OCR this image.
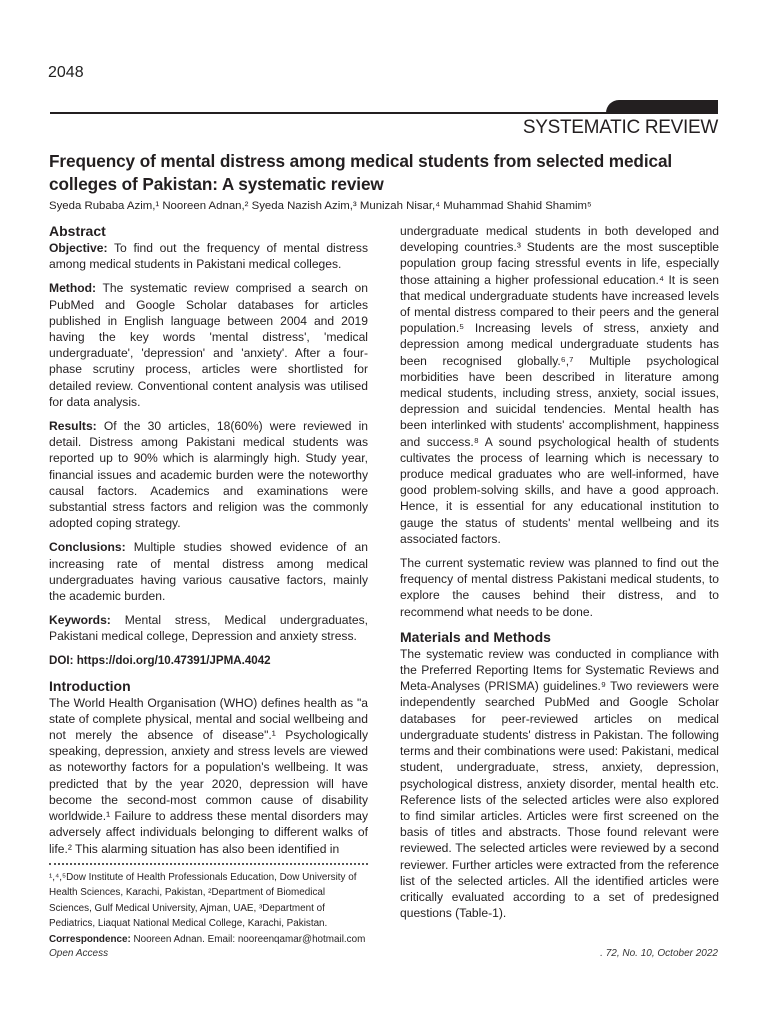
2048
SYSTEMATIC REVIEW
Frequency of mental distress among medical students from selected medical colleges of Pakistan: A systematic review
Syeda Rubaba Azim,¹ Nooreen Adnan,² Syeda Nazish Azim,³ Munizah Nisar,⁴ Muhammad Shahid Shamim⁵
Abstract

Objective: To find out the frequency of mental distress among medical students in Pakistani medical colleges.

Method: The systematic review comprised a search on PubMed and Google Scholar databases for articles published in English language between 2004 and 2019 having the key words 'mental distress', 'medical undergraduate', 'depression' and 'anxiety'. After a four-phase scrutiny process, articles were shortlisted for detailed review. Conventional content analysis was utilised for data analysis.

Results: Of the 30 articles, 18(60%) were reviewed in detail. Distress among Pakistani medical students was reported up to 90% which is alarmingly high. Study year, financial issues and academic burden were the noteworthy causal factors. Academics and examinations were substantial stress factors and religion was the commonly adopted coping strategy.

Conclusions: Multiple studies showed evidence of an increasing rate of mental distress among medical undergraduates having various causative factors, mainly the academic burden.

Keywords: Mental stress, Medical undergraduates, Pakistani medical college, Depression and anxiety stress.

DOI: https://doi.org/10.47391/JPMA.4042
Introduction

The World Health Organisation (WHO) defines health as "a state of complete physical, mental and social wellbeing and not merely the absence of disease".¹ Psychologically speaking, depression, anxiety and stress levels are viewed as noteworthy factors for a population's wellbeing. It was predicted that by the year 2020, depression will have become the second-most common cause of disability worldwide.¹ Failure to address these mental disorders may adversely affect individuals belonging to different walks of life.² This alarming situation has also been identified in

¹,⁴,⁵Dow Institute of Health Professionals Education, Dow University of Health Sciences, Karachi, Pakistan, ²Department of Biomedical Sciences, Gulf Medical University, Ajman, UAE, ³Department of Pediatrics, Liaquat National Medical College, Karachi, Pakistan.
Correspondence: Nooreen Adnan. Email: nooreenqamar@hotmail.com

undergraduate medical students in both developed and developing countries.³ Students are the most susceptible population group facing stressful events in life, especially those attaining a higher professional education.⁴ It is seen that medical undergraduate students have increased levels of mental distress compared to their peers and the general population.⁵ Increasing levels of stress, anxiety and depression among medical undergraduate students has been recognised globally.⁶,⁷ Multiple psychological morbidities have been described in literature among medical students, including stress, anxiety, social issues, depression and suicidal tendencies. Mental health has been interlinked with students' accomplishment, happiness and success.⁸ A sound psychological health of students cultivates the process of learning which is necessary to produce medical graduates who are well-informed, have good problem-solving skills, and have a good approach. Hence, it is essential for any educational institution to gauge the status of students' mental wellbeing and its associated factors.

The current systematic review was planned to find out the frequency of mental distress Pakistani medical students, to explore the causes behind their distress, and to recommend what needs to be done.

Materials and Methods

The systematic review was conducted in compliance with the Preferred Reporting Items for Systematic Reviews and Meta-Analyses (PRISMA) guidelines.⁹ Two reviewers were independently searched PubMed and Google Scholar databases for peer-reviewed articles on medical undergraduate students' distress in Pakistan. The following terms and their combinations were used: Pakistani, medical student, undergraduate, stress, anxiety, depression, psychological distress, anxiety disorder, mental health etc. Reference lists of the selected articles were also explored to find similar articles. Articles were first screened on the basis of titles and abstracts. Those found relevant were reviewed. The selected articles were reviewed by a second reviewer. Further articles were extracted from the reference list of the selected articles. All the identified articles were critically evaluated according to a set of predesigned questions (Table-1).

Open Access	. 72, No. 10, October 2022
